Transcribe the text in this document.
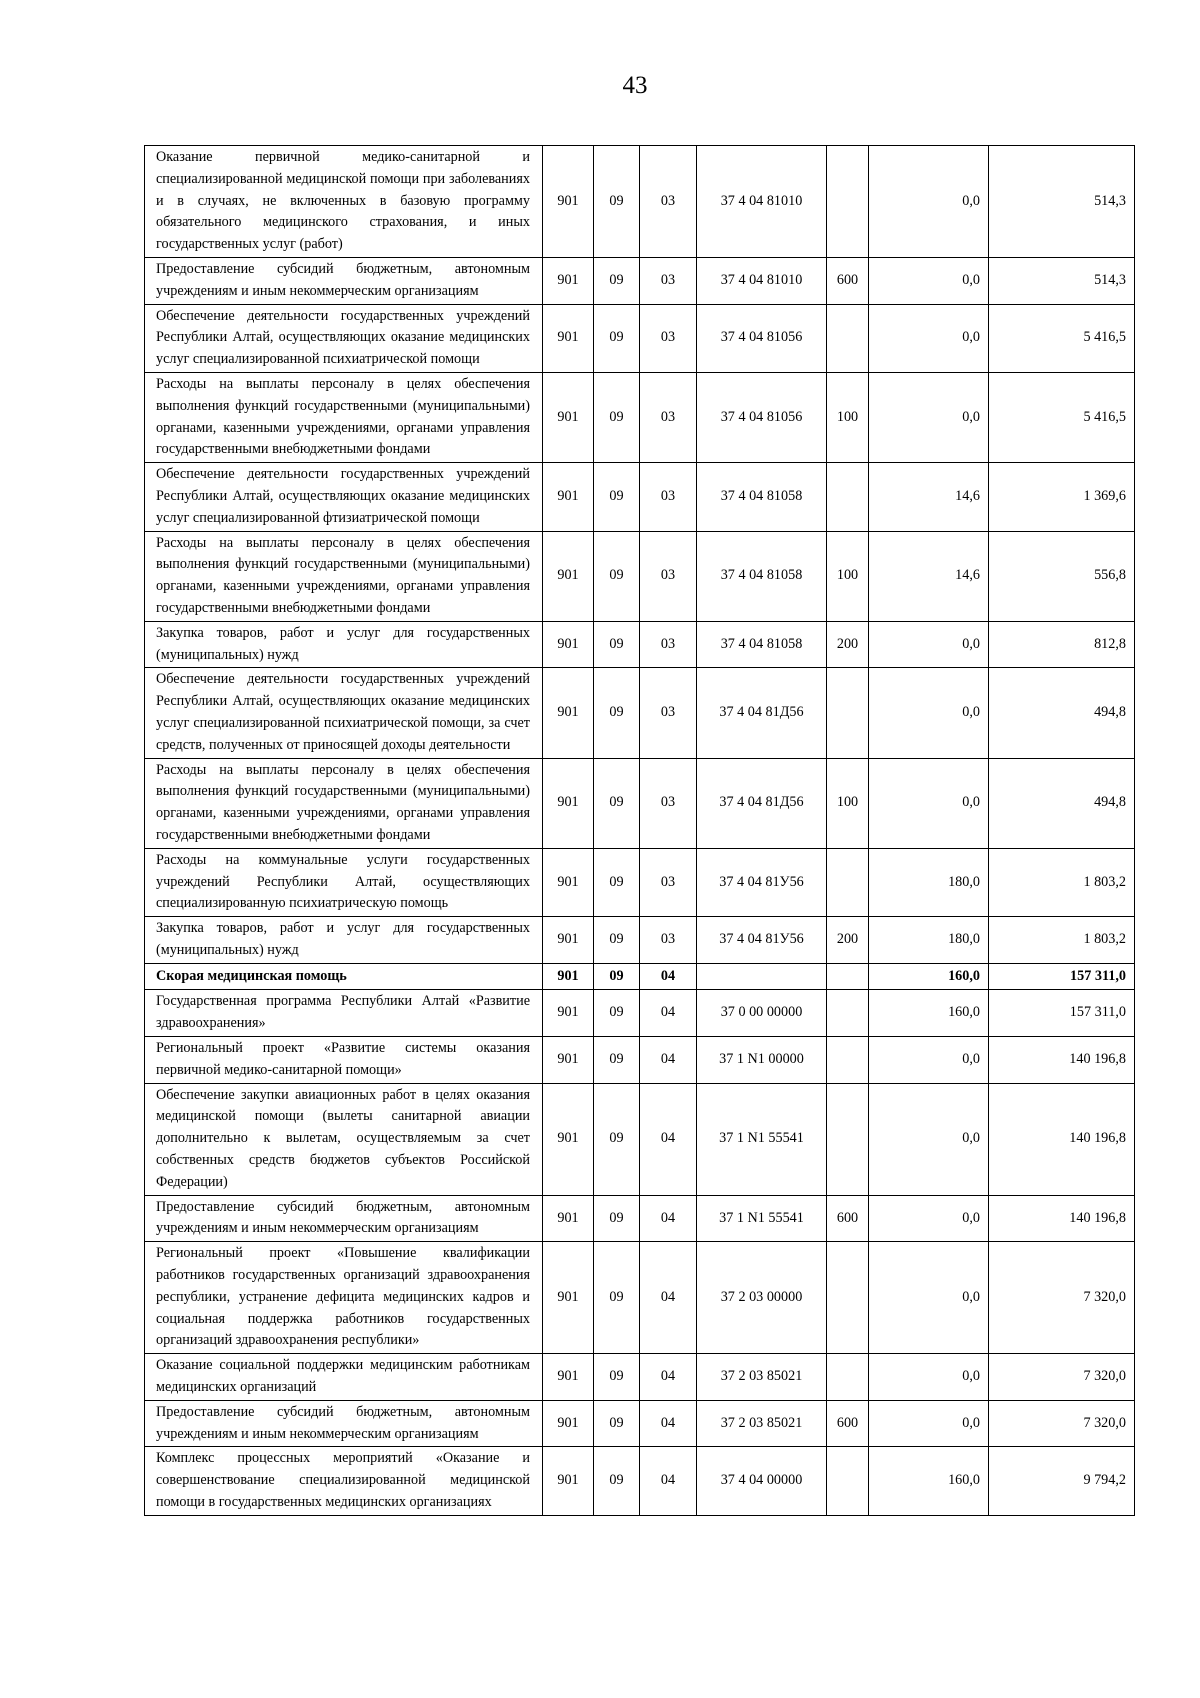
43
Оказание первичной медико-санитарной и специализированной медицинской помощи при заболеваниях и в случаях, не включенных в базовую программу обязательного медицинского страхования, и иных государственных услуг (работ)	901	09	03	37 4 04 81010		0,0	514,3
Предоставление субсидий бюджетным, автономным учреждениям и иным некоммерческим организациям	901	09	03	37 4 04 81010	600	0,0	514,3
Обеспечение деятельности государственных учреждений Республики Алтай, осуществляющих оказание медицинских услуг специализированной психиатрической помощи	901	09	03	37 4 04 81056		0,0	5 416,5
Расходы на выплаты персоналу в целях обеспечения выполнения функций государственными (муниципальными) органами, казенными учреждениями, органами управления государственными внебюджетными фондами	901	09	03	37 4 04 81056	100	0,0	5 416,5
Обеспечение деятельности государственных учреждений Республики Алтай, осуществляющих оказание медицинских услуг специализированной фтизиатрической помощи	901	09	03	37 4 04 81058		14,6	1 369,6
Расходы на выплаты персоналу в целях обеспечения выполнения функций государственными (муниципальными) органами, казенными учреждениями, органами управления государственными внебюджетными фондами	901	09	03	37 4 04 81058	100	14,6	556,8
Закупка товаров, работ и услуг для государственных (муниципальных) нужд	901	09	03	37 4 04 81058	200	0,0	812,8
Обеспечение деятельности государственных учреждений Республики Алтай, осуществляющих оказание медицинских услуг специализированной психиатрической помощи, за счет средств, полученных от приносящей доходы деятельности	901	09	03	37 4 04 81Д56		0,0	494,8
Расходы на выплаты персоналу в целях обеспечения выполнения функций государственными (муниципальными) органами, казенными учреждениями, органами управления государственными внебюджетными фондами	901	09	03	37 4 04 81Д56	100	0,0	494,8
Расходы на коммунальные услуги государственных учреждений Республики Алтай, осуществляющих специализированную психиатрическую помощь	901	09	03	37 4 04 81У56		180,0	1 803,2
Закупка товаров, работ и услуг для государственных (муниципальных) нужд	901	09	03	37 4 04 81У56	200	180,0	1 803,2
Скорая медицинская помощь	901	09	04			160,0	157 311,0
Государственная программа Республики Алтай «Развитие здравоохранения»	901	09	04	37 0 00 00000		160,0	157 311,0
Региональный проект «Развитие системы оказания первичной медико-санитарной помощи»	901	09	04	37 1 N1 00000		0,0	140 196,8
Обеспечение закупки авиационных работ в целях оказания медицинской помощи (вылеты санитарной авиации дополнительно к вылетам, осуществляемым за счет собственных средств бюджетов субъектов Российской Федерации)	901	09	04	37 1 N1 55541		0,0	140 196,8
Предоставление субсидий бюджетным, автономным учреждениям и иным некоммерческим организациям	901	09	04	37 1 N1 55541	600	0,0	140 196,8
Региональный проект «Повышение квалификации работников государственных организаций здравоохранения республики, устранение дефицита медицинских кадров и социальная поддержка работников государственных организаций здравоохранения республики»	901	09	04	37 2 03 00000		0,0	7 320,0
Оказание социальной поддержки медицинским работникам медицинских организаций	901	09	04	37 2 03 85021		0,0	7 320,0
Предоставление субсидий бюджетным, автономным учреждениям и иным некоммерческим организациям	901	09	04	37 2 03 85021	600	0,0	7 320,0
Комплекс процессных мероприятий «Оказание и совершенствование специализированной медицинской помощи в государственных медицинских организациях	901	09	04	37 4 04 00000		160,0	9 794,2
